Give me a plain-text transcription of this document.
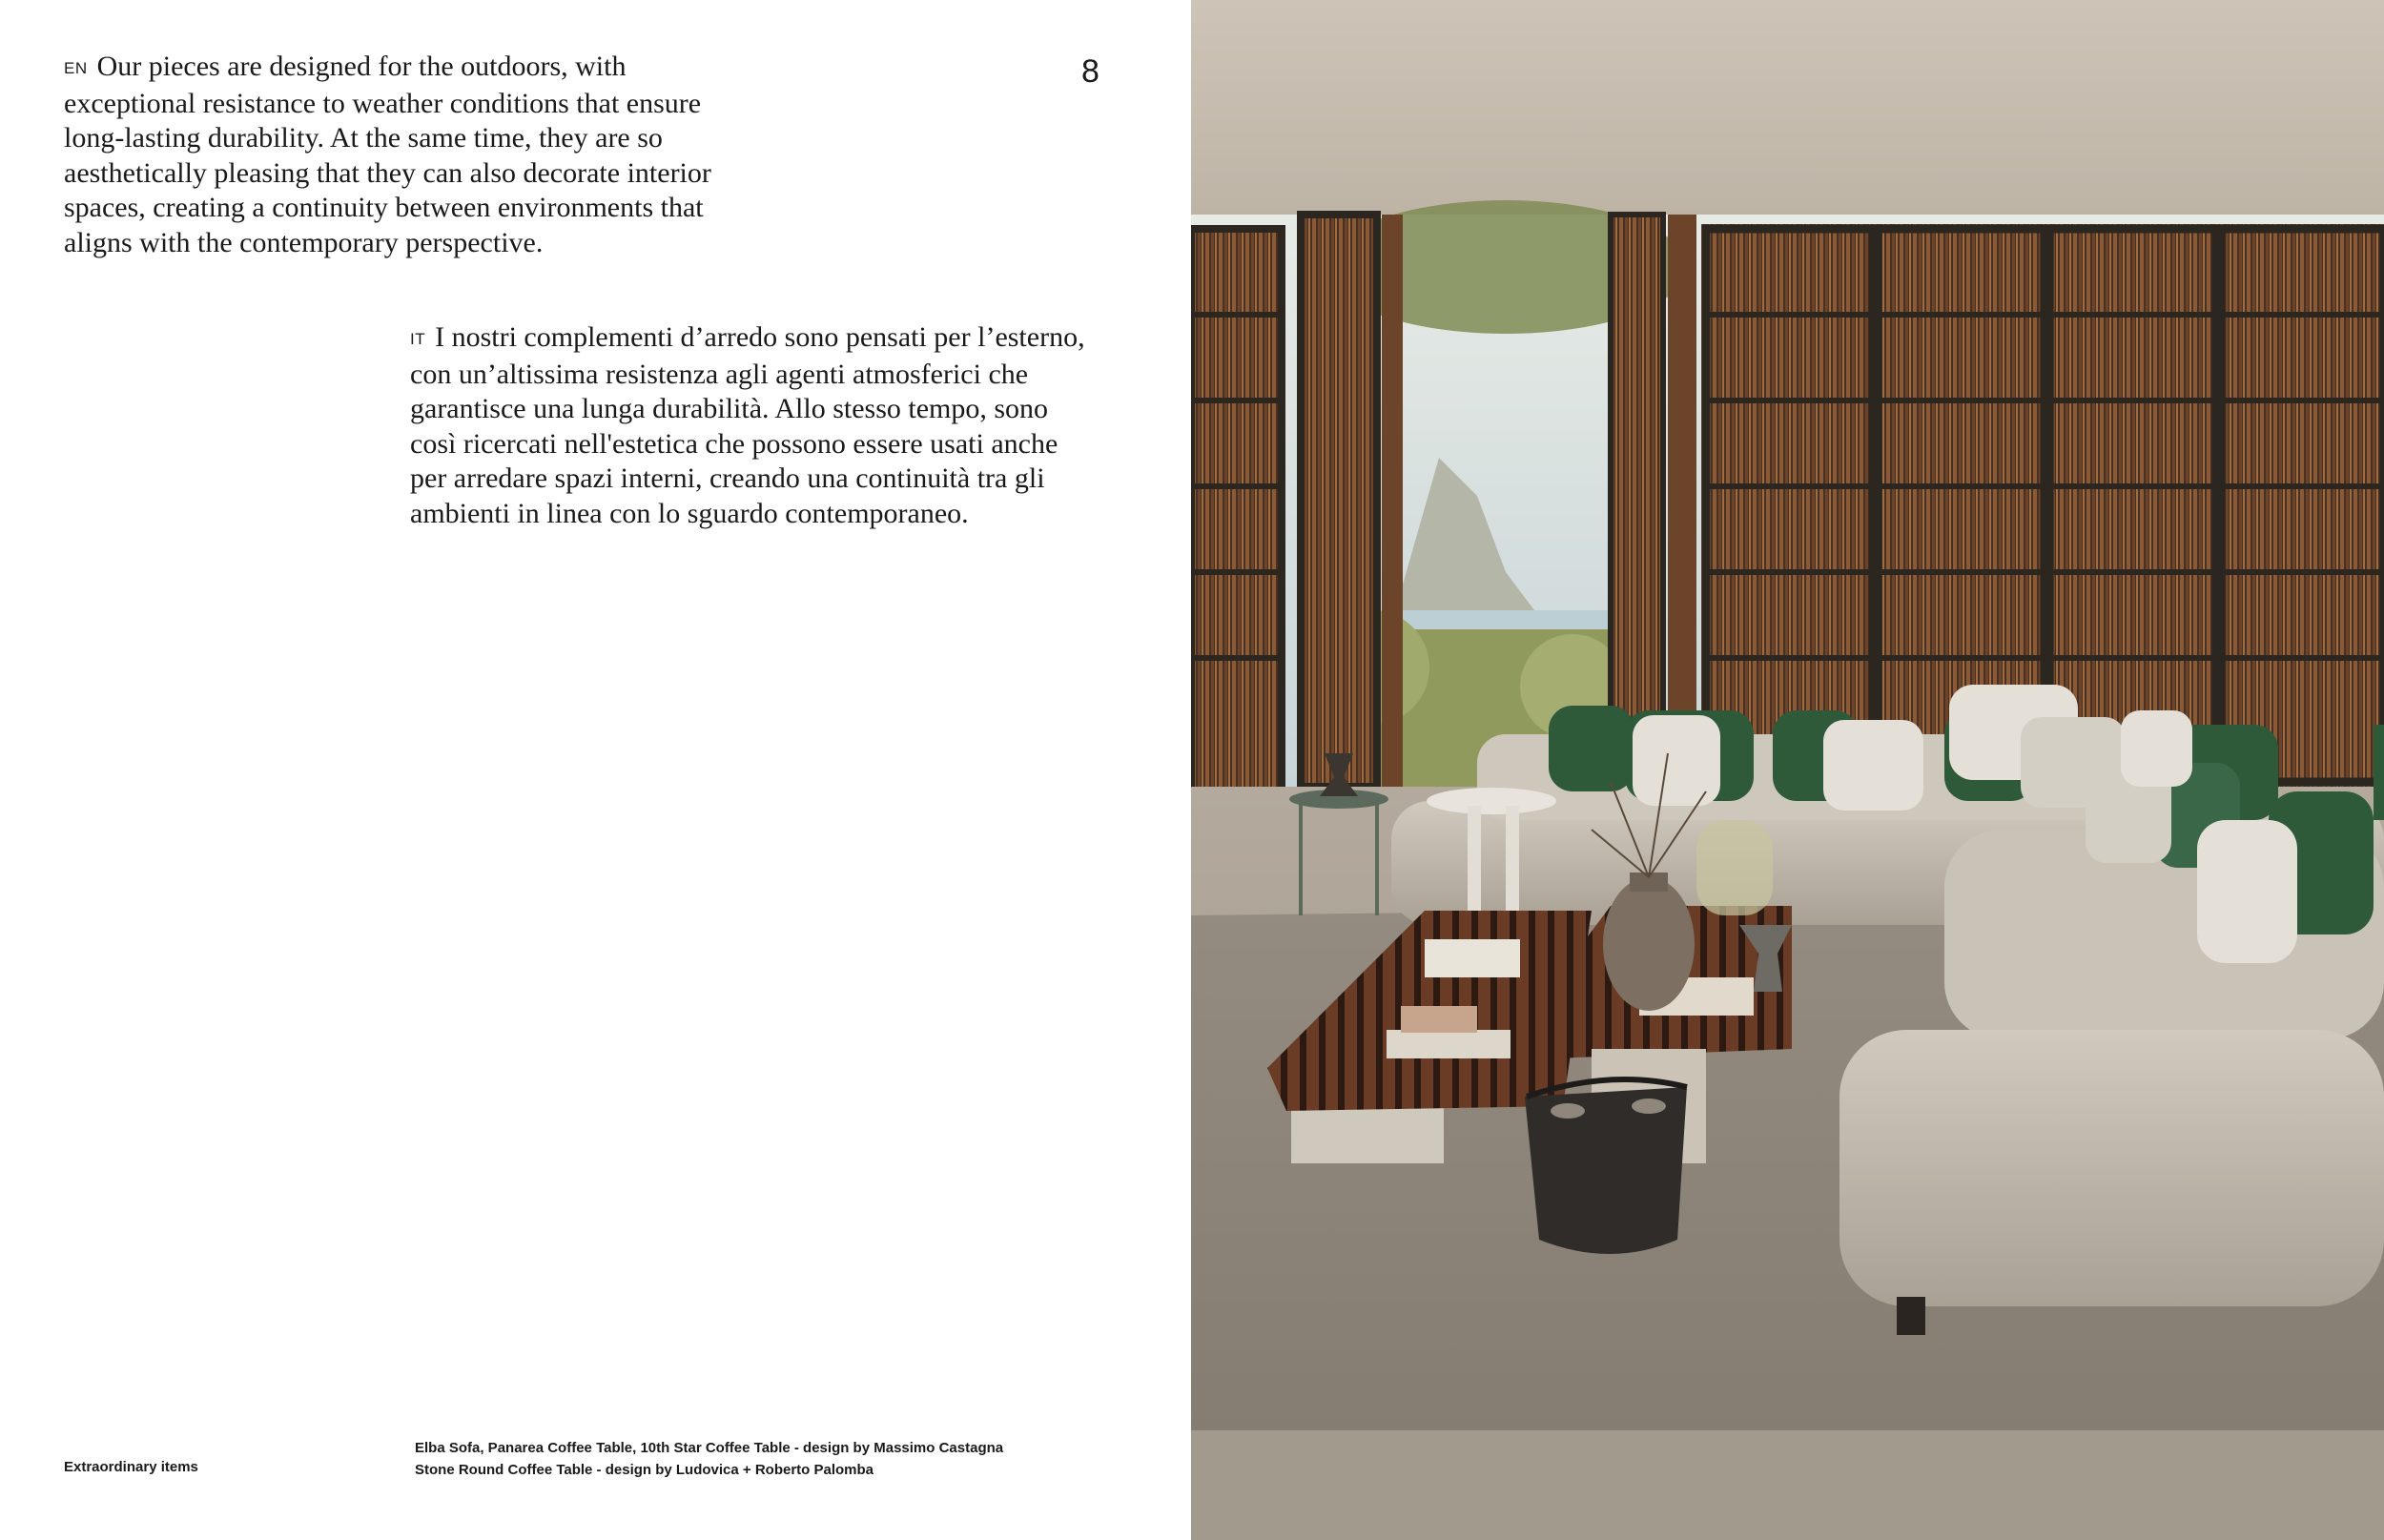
EN Our pieces are designed for the outdoors, with
exceptional resistance to weather conditions that ensure
long-lasting durability. At the same time, they are so
aesthetically pleasing that they can also decorate interior
spaces, creating a continuity between environments that
aligns with the contemporary perspective.
8
IT I nostri complementi d’arredo sono pensati per l’esterno,
con un’altissima resistenza agli agenti atmosferici che
garantisce una lunga durabilità. Allo stesso tempo, sono
così ricercati nell'estetica che possono essere usati anche
per arredare spazi interni, creando una continuità tra gli
ambienti in linea con lo sguardo contemporaneo.
Extraordinary items
Elba Sofa, Panarea Coffee Table, 10th Star Coffee Table - design by Massimo Castagna
Stone Round Coffee Table - design by Ludovica + Roberto Palomba
